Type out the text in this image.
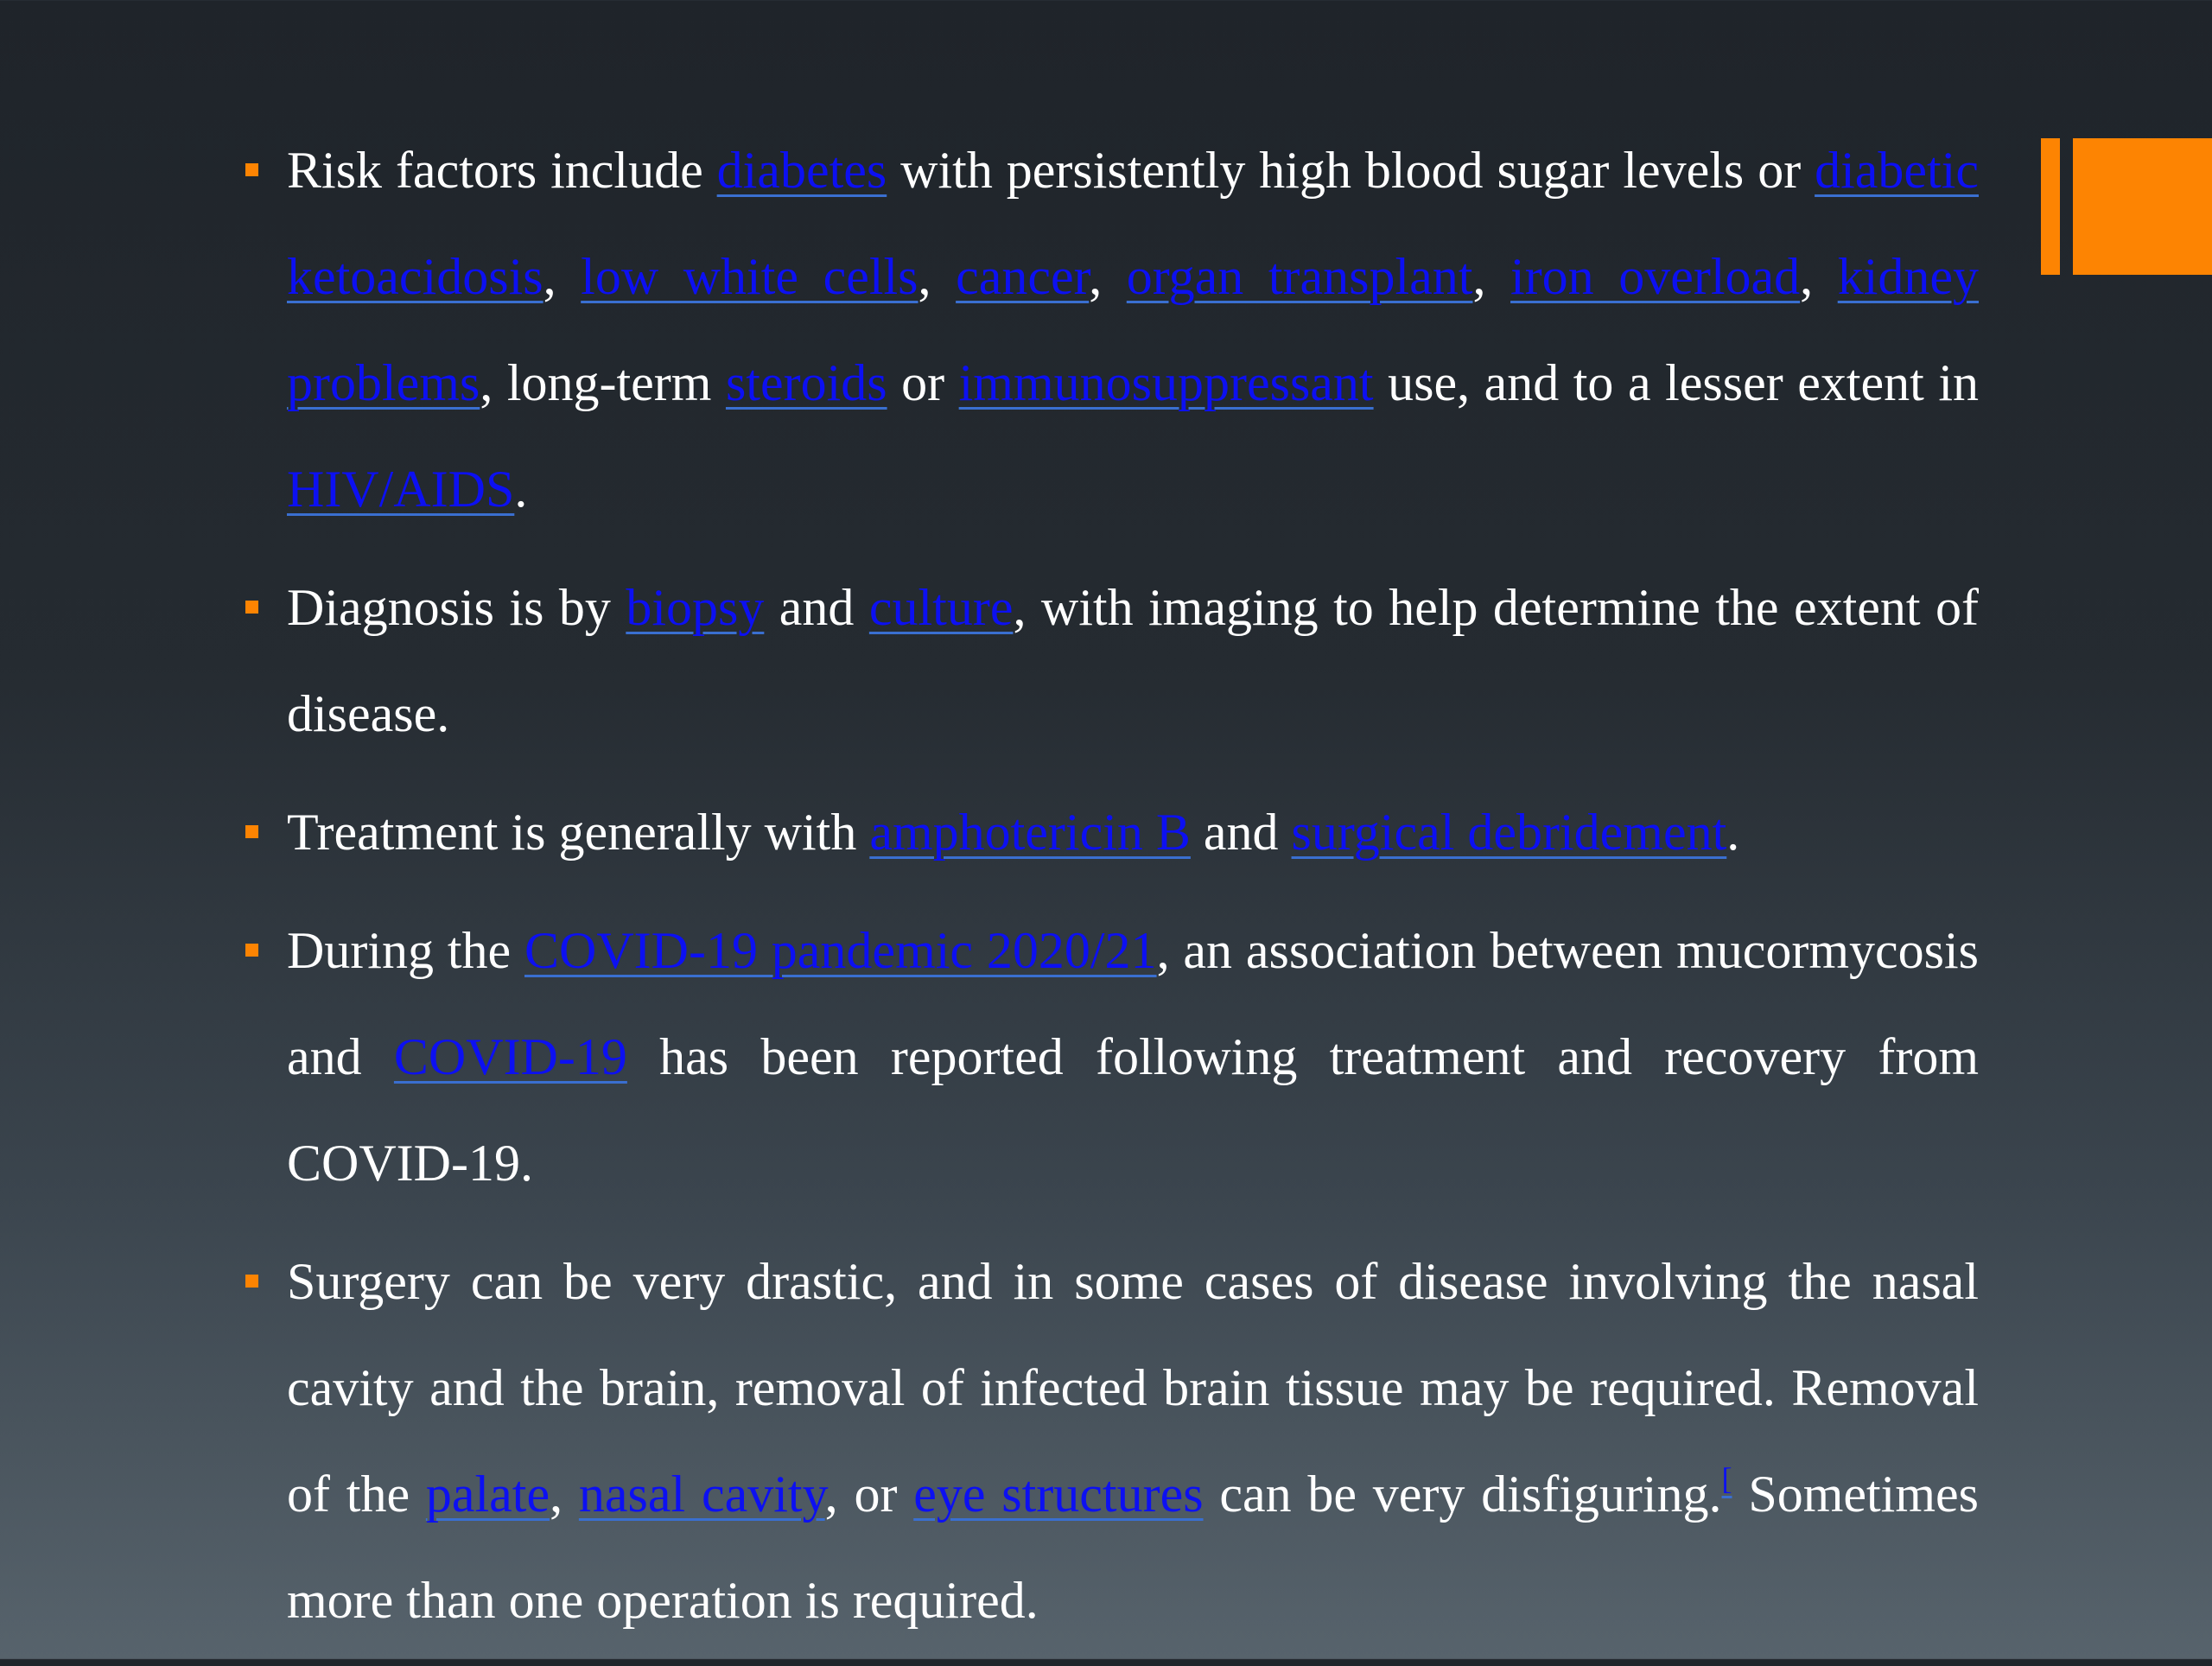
Risk factors include diabetes with persistently high blood sugar levels or diabetic ketoacidosis, low white cells, cancer, organ transplant, iron overload, kidney problems, long-term steroids or immunosuppressant use, and to a lesser extent in HIV/AIDS.
Diagnosis is by biopsy and culture, with imaging to help determine the extent of disease.
Treatment is generally with amphotericin B and surgical debridement.
During the COVID-19 pandemic 2020/21, an association between mucormycosis and COVID-19 has been reported following treatment and recovery from COVID-19.
Surgery can be very drastic, and in some cases of disease involving the nasal cavity and the brain, removal of infected brain tissue may be required. Removal of the palate, nasal cavity, or eye structures can be very disfiguring.[ Sometimes more than one operation is required.
